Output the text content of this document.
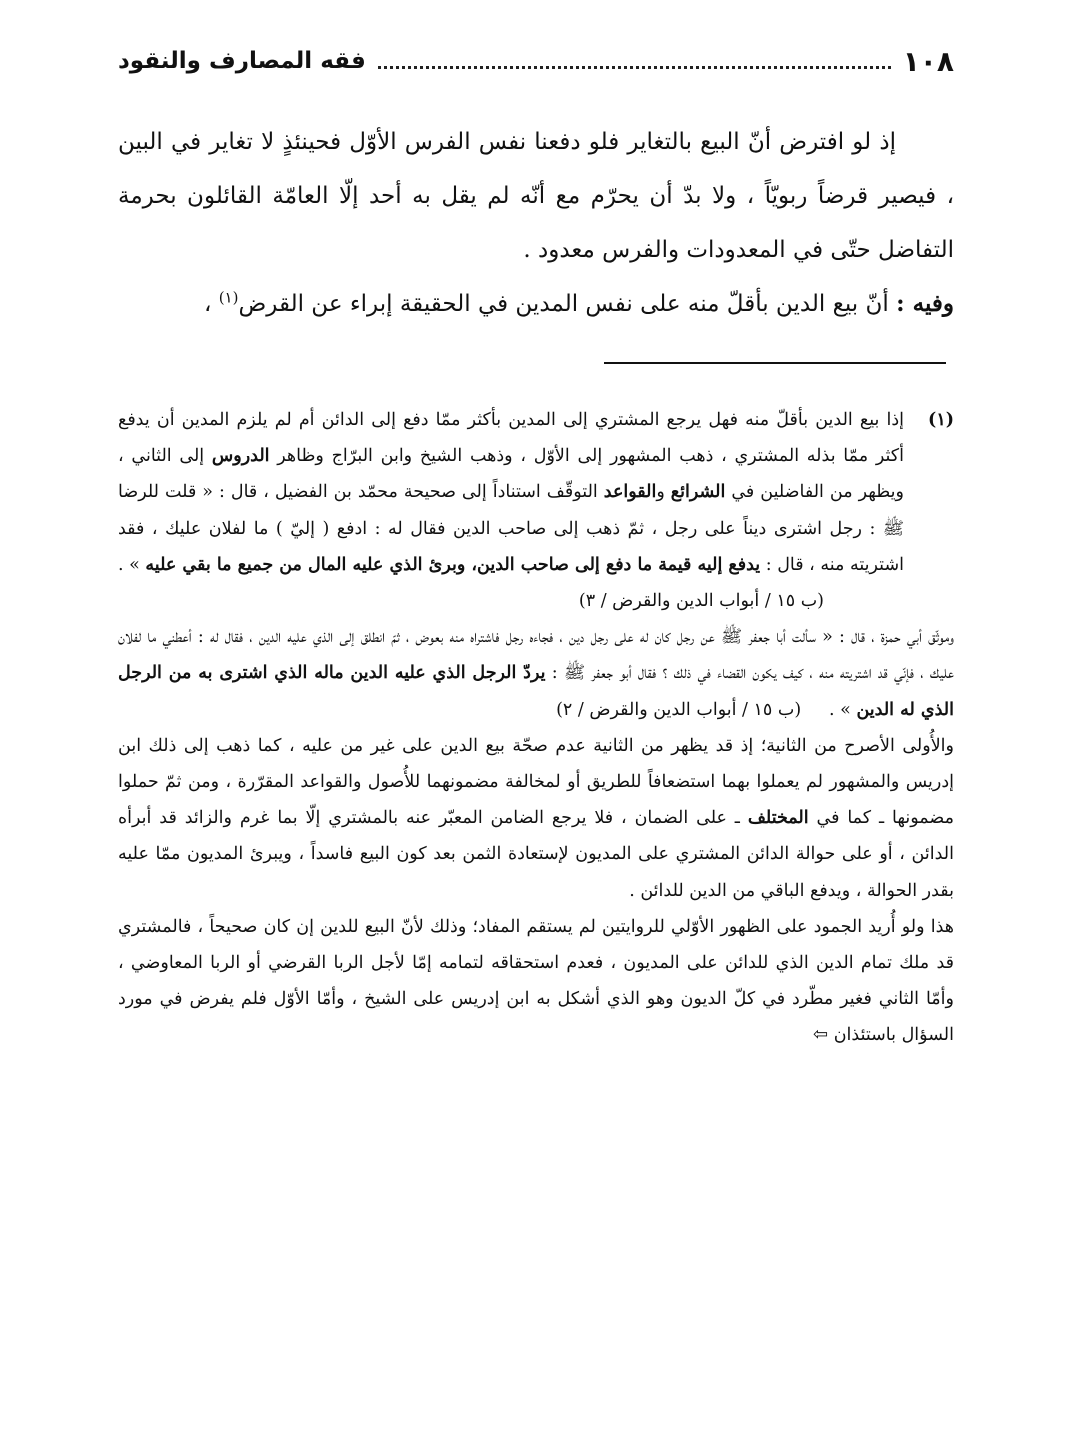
١٠٨
فقه المصارف والنقود

إذ لو افترض أنّ البيع بالتغاير فلو دفعنا نفس الفرس الأوّل فحينئذٍ لا تغاير في البين ، فيصير قرضاً ربويّاً ، ولا بدّ أن يحرّم مع أنّه لم يقل به أحد إلّا العامّة القائلون بحرمة التفاضل حتّى في المعدودات والفرس معدود .

وفيه : أنّ بيع الدين بأقلّ منه على نفس المدين في الحقيقة إبراء عن القرض$^{(١)}$ ،

(١)

إذا بيع الدين بأقلّ منه فهل يرجع المشتري إلى المدين بأكثر ممّا دفع إلى الدائن أم لم يلزم المدين أن يدفع أكثر ممّا بذله المشتري ، ذهب المشهور إلى الأوّل ، وذهب الشيخ وابن البرّاج وظاهر الدروس إلى الثاني ، ويظهر من الفاضلين في الشرائع والقواعد التوقّف استناداً إلى صحيحة محمّد بن الفضيل ، قال : « قلت للرضا ﷺ : رجل اشترى ديناً على رجل ، ثمّ ذهب إلى صاحب الدين فقال له : ادفع ( إليّ ) ما لفلان عليك ، فقد اشتريته منه ، قال : يدفع إليه قيمة ما دفع إلى صاحب الدين، وبرئ الذي عليه المال من جميع ما بقي عليه » .

(ب ١٥ / أبواب الدين والقرض / ٣)

وموثّق أبي حمزة ، قال : « سألت أبا جعفر ﷺ عن رجل كان له على رجل دين ، فجاءه رجل فاشتراه منه بعوض ، ثمّ انطلق إلى الذي عليه الدين ، فقال له : أعطني ما لفلان عليك ، فإنّي قد اشتريته منه ، كيف يكون القضاء في ذلك ؟ فقال أبو جعفر ﷺ : يردّ الرجل الذي عليه الدين ماله الذي اشترى به من الرجل الذي له الدين » .     (ب ١٥ / أبواب الدين والقرض / ٢)

والأُولى الأصرح من الثانية؛ إذ قد يظهر من الثانية عدم صحّة بيع الدين على غير من عليه ، كما ذهب إلى ذلك ابن إدريس والمشهور لم يعملوا بهما استضعافاً للطريق أو لمخالفة مضمونهما للأُصول والقواعد المقرّرة ، ومن ثمّ حملوا مضمونها ـ كما في المختلف ـ على الضمان ، فلا يرجع الضامن المعبّر عنه بالمشتري إلّا بما غرم والزائد قد أبرأه الدائن ، أو على حوالة الدائن المشتري على المديون لإستعادة الثمن بعد كون البيع فاسداً ، ويبرئ المديون ممّا عليه بقدر الحوالة ، ويدفع الباقي من الدين للدائن .

هذا ولو أُريد الجمود على الظهور الأوّلي للروايتين لم يستقم المفاد؛ وذلك لأنّ البيع للدين إن كان صحيحاً ، فالمشتري قد ملك تمام الدين الذي للدائن على المديون ، فعدم استحقاقه لتمامه إمّا لأجل الربا القرضي أو الربا المعاوضي ، وأمّا الثاني فغير مطّرد في كلّ الديون وهو الذي أشكل به ابن إدريس على الشيخ ، وأمّا الأوّل فلم يفرض في مورد السؤال باستئذان ⇦
